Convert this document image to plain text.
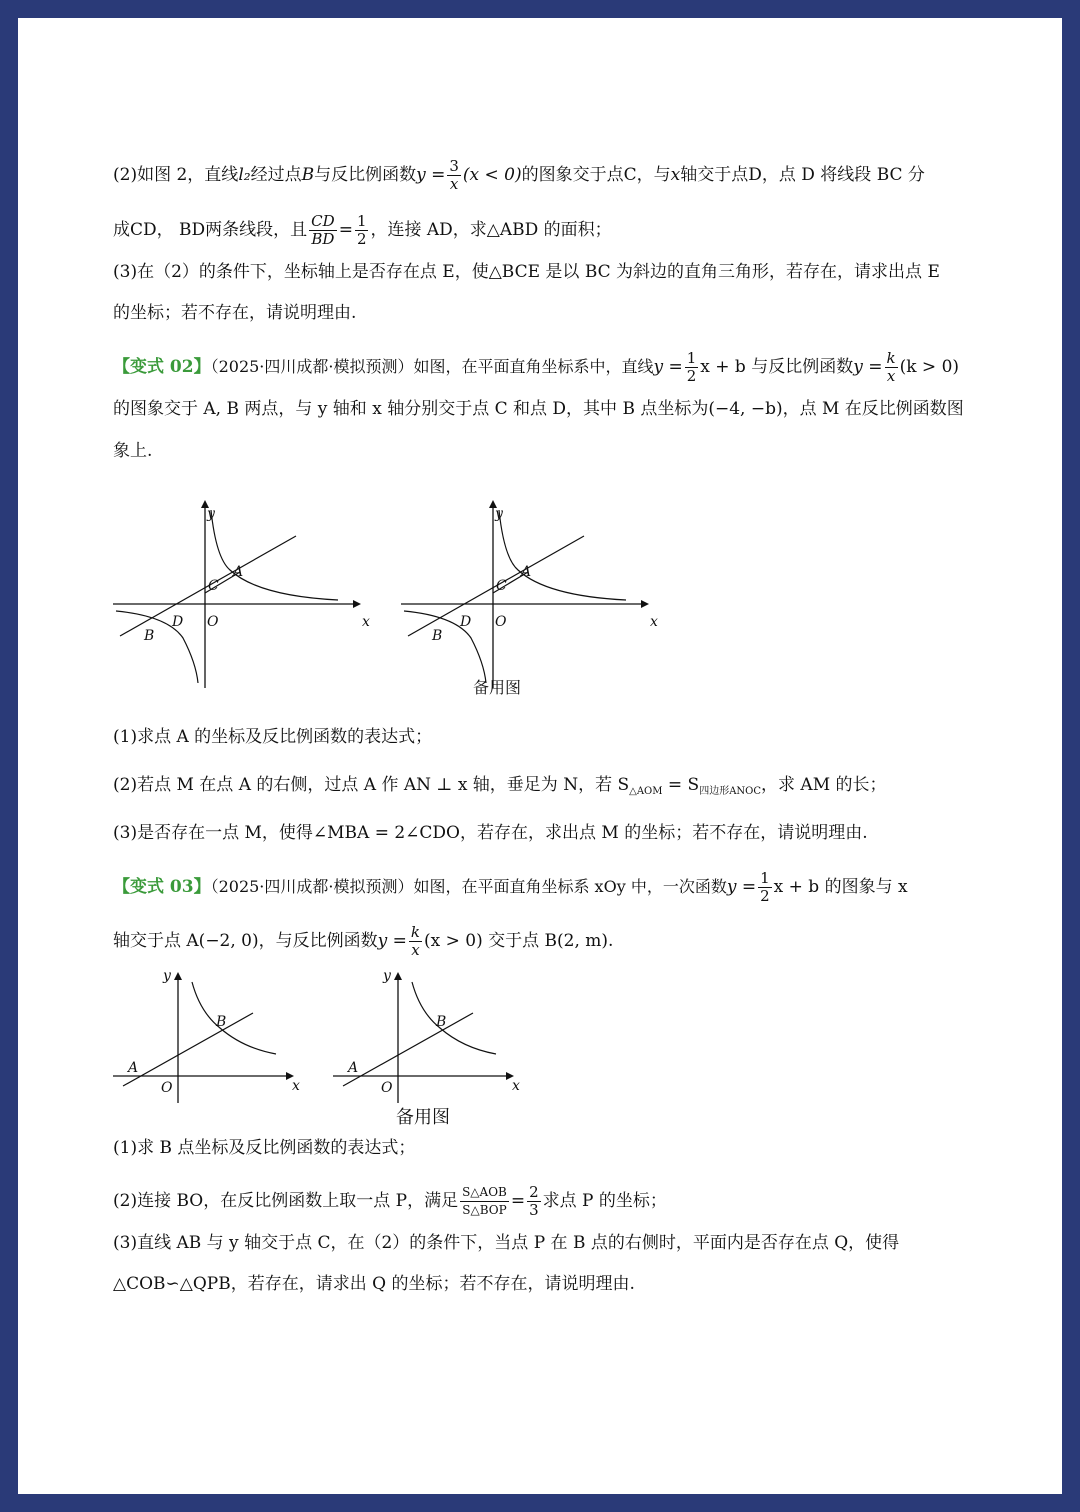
(2)如图 2，直线l₂经过点B与反比例函数$y = \frac{3}{x} (x < 0)$的图象交于点C，与x轴交于点D，点 D 将线段 BC 分
成CD， BD两条线段，且 $\frac{CD}{BD} = \frac{1}{2}$ ，连接 AD，求△ABD 的面积；
(3)在（2）的条件下，坐标轴上是否存在点 E，使△BCE 是以 BC 为斜边的直角三角形，若存在，请求出点 E
的坐标；若不存在，请说明理由.
【变式 02】（2025·四川成都·模拟预测）如图，在平面直角坐标系中，直线$y = \frac{1}{2}$ x + b 与反比例函数$y = \frac{k}{x} (k > 0)$
的图象交于 A, B 两点，与 y 轴和 x 轴分别交于点 C 和点 D，其中 B 点坐标为(−4, −b)，点 M 在反比例函数图
象上.
y
x
O
A
C
D
B
y
x
O
A
C
D
B
备用图
(1)求点 A 的坐标及反比例函数的表达式；
(2)若点 M 在点 A 的右侧，过点 A 作 AN ⊥ x 轴，垂足为 N，若 $S_{\triangle AOM} = S_{四边形ANOC}$，求 AM 的长；
(3)是否存在一点 M，使得∠MBA = 2∠CDO，若存在，求出点 M 的坐标；若不存在，请说明理由.
【变式 03】（2025·四川成都·模拟预测）如图，在平面直角坐标系 xOy 中，一次函数$y = \frac{1}{2}$ x + b 的图象与 x
轴交于点 A(−2, 0)，与反比例函数$y = \frac{k}{x} (x > 0)$ 交于点 B(2, m).
y
x
O
A
B
y
x
O
A
B
备用图
(1)求 B 点坐标及反比例函数的表达式；
(2)连接 BO，在反比例函数上取一点 P，满足 $\frac{\text{S△AOB}}{\text{S△BOP}} = \frac{2}{3}$ 求点 P 的坐标；
(3)直线 AB 与 y 轴交于点 C，在（2）的条件下，当点 P 在 B 点的右侧时，平面内是否存在点 Q，使得
△COB∽△QPB，若存在，请求出 Q 的坐标；若不存在，请说明理由.
